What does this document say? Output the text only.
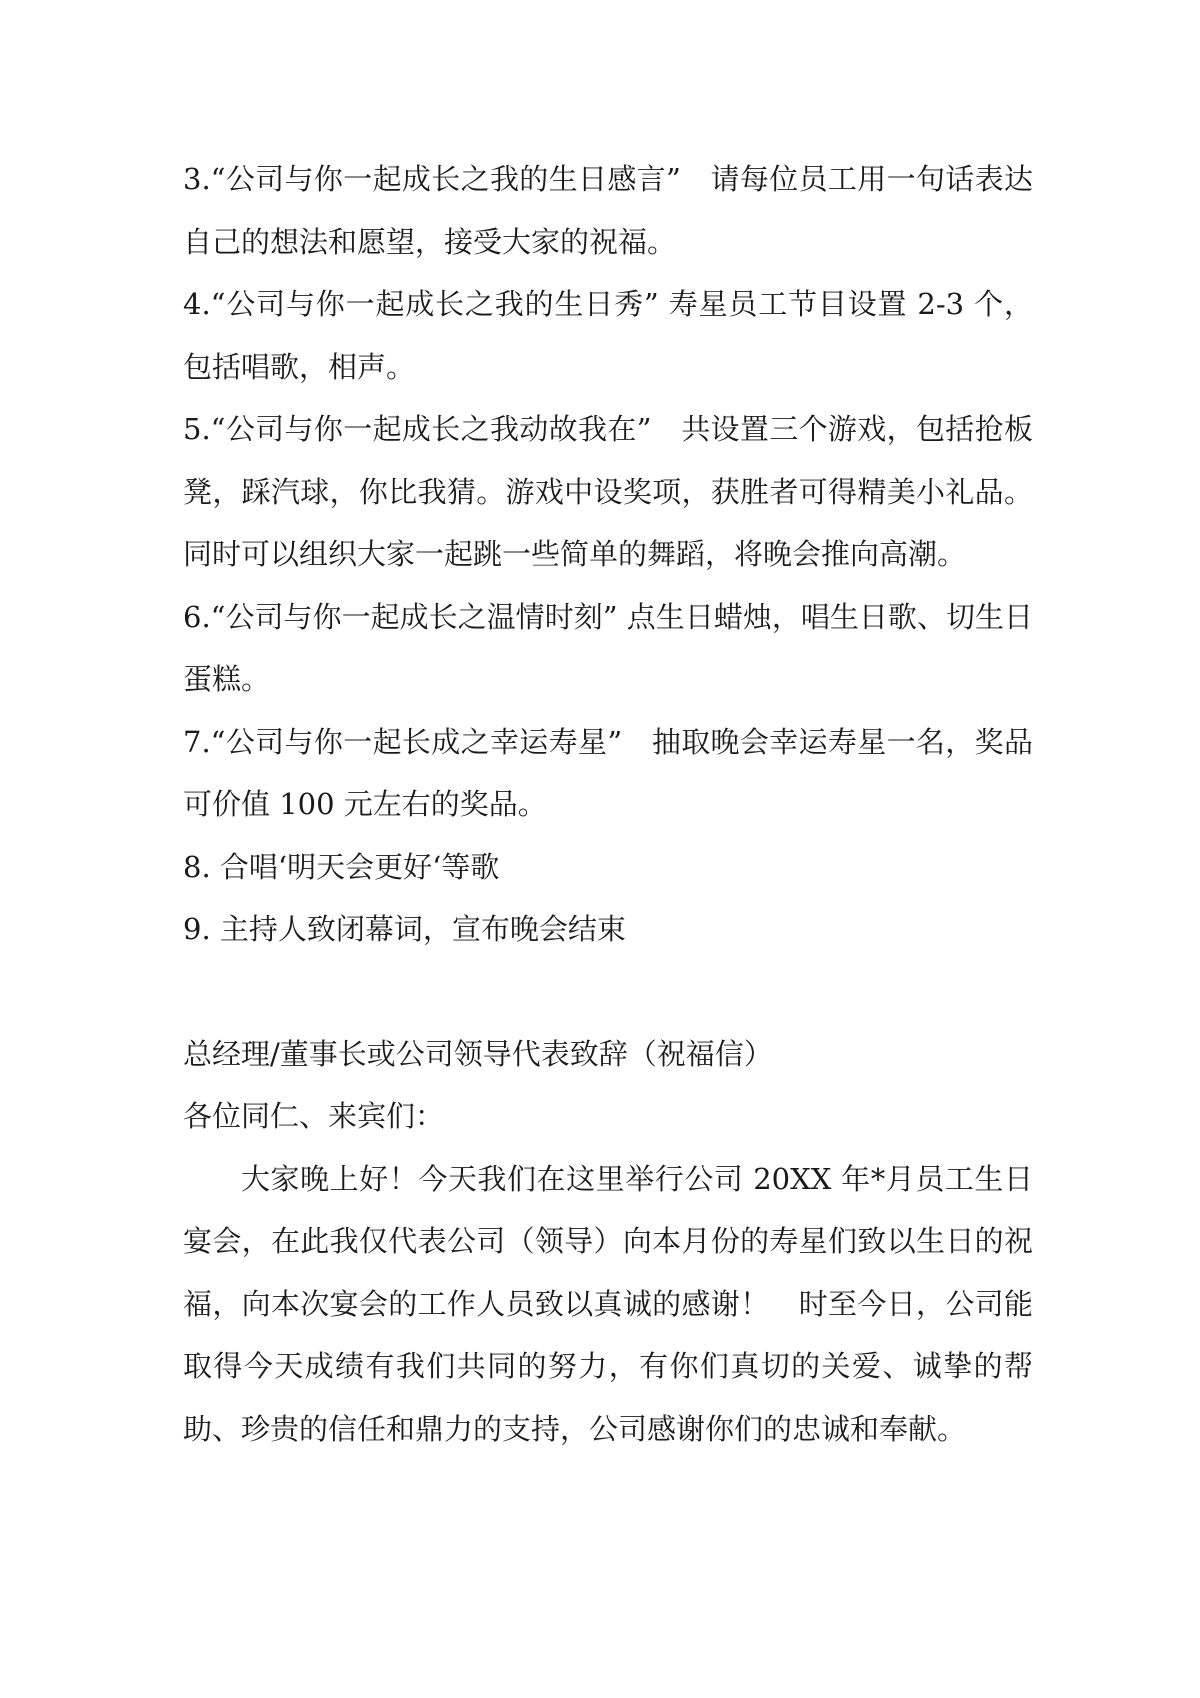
3.“公司与你一起成长之我的生日感言”　请每位员工用一句话表达自己的想法和愿望，接受大家的祝福。

4.“公司与你一起成长之我的生日秀” 寿星员工节目设置 2-3 个，包括唱歌，相声。

5.“公司与你一起成长之我动故我在”　共设置三个游戏，包括抢板凳，踩汽球，你比我猜。游戏中设奖项，获胜者可得精美小礼品。同时可以组织大家一起跳一些简单的舞蹈，将晚会推向高潮。

6.“公司与你一起成长之温情时刻” 点生日蜡烛，唱生日歌、切生日蛋糕。

7.“公司与你一起长成之幸运寿星”　抽取晚会幸运寿星一名，奖品可价值 100 元左右的奖品。

8. 合唱‘明天会更好‘等歌

9. 主持人致闭幕词，宣布晚会结束

总经理/董事长或公司领导代表致辞（祝福信）

各位同仁、来宾们：

大家晚上好！今天我们在这里举行公司 20XX 年*月员工生日宴会，在此我仅代表公司（领导）向本月份的寿星们致以生日的祝福，向本次宴会的工作人员致以真诚的感谢！　时至今日，公司能取得今天成绩有我们共同的努力，有你们真切的关爱、诚挚的帮助、珍贵的信任和鼎力的支持，公司感谢你们的忠诚和奉献。
